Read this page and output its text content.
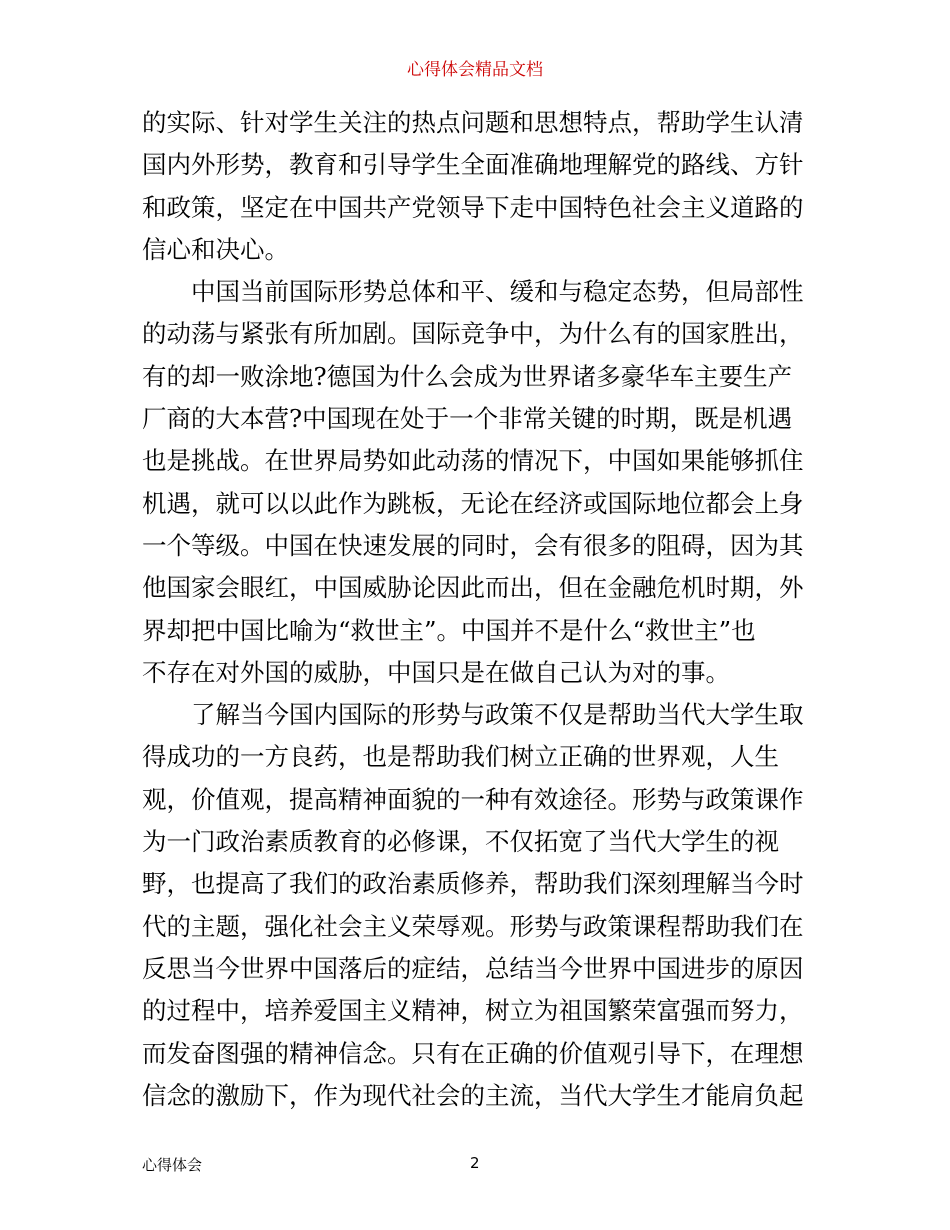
心得体会精品文档
的实际、针对学生关注的热点问题和思想特点，帮助学生认清
国内外形势，教育和引导学生全面准确地理解党的路线、方针
和政策，坚定在中国共产党领导下走中国特色社会主义道路的
信心和决心。
　　中国当前国际形势总体和平、缓和与稳定态势，但局部性
的动荡与紧张有所加剧。国际竞争中，为什么有的国家胜出，
有的却一败涂地?德国为什么会成为世界诸多豪华车主要生产
厂商的大本营?中国现在处于一个非常关键的时期，既是机遇
也是挑战。在世界局势如此动荡的情况下，中国如果能够抓住
机遇，就可以以此作为跳板，无论在经济或国际地位都会上身
一个等级。中国在快速发展的同时，会有很多的阻碍，因为其
他国家会眼红，中国威胁论因此而出，但在金融危机时期，外
界却把中国比喻为“救世主”。中国并不是什么“救世主”也
不存在对外国的威胁，中国只是在做自己认为对的事。
　　了解当今国内国际的形势与政策不仅是帮助当代大学生取
得成功的一方良药，也是帮助我们树立正确的世界观，人生
观，价值观，提高精神面貌的一种有效途径。形势与政策课作
为一门政治素质教育的必修课，不仅拓宽了当代大学生的视
野，也提高了我们的政治素质修养，帮助我们深刻理解当今时
代的主题，强化社会主义荣辱观。形势与政策课程帮助我们在
反思当今世界中国落后的症结，总结当今世界中国进步的原因
的过程中，培养爱国主义精神，树立为祖国繁荣富强而努力，
而发奋图强的精神信念。只有在正确的价值观引导下，在理想
信念的激励下，作为现代社会的主流，当代大学生才能肩负起
心得体会	2
